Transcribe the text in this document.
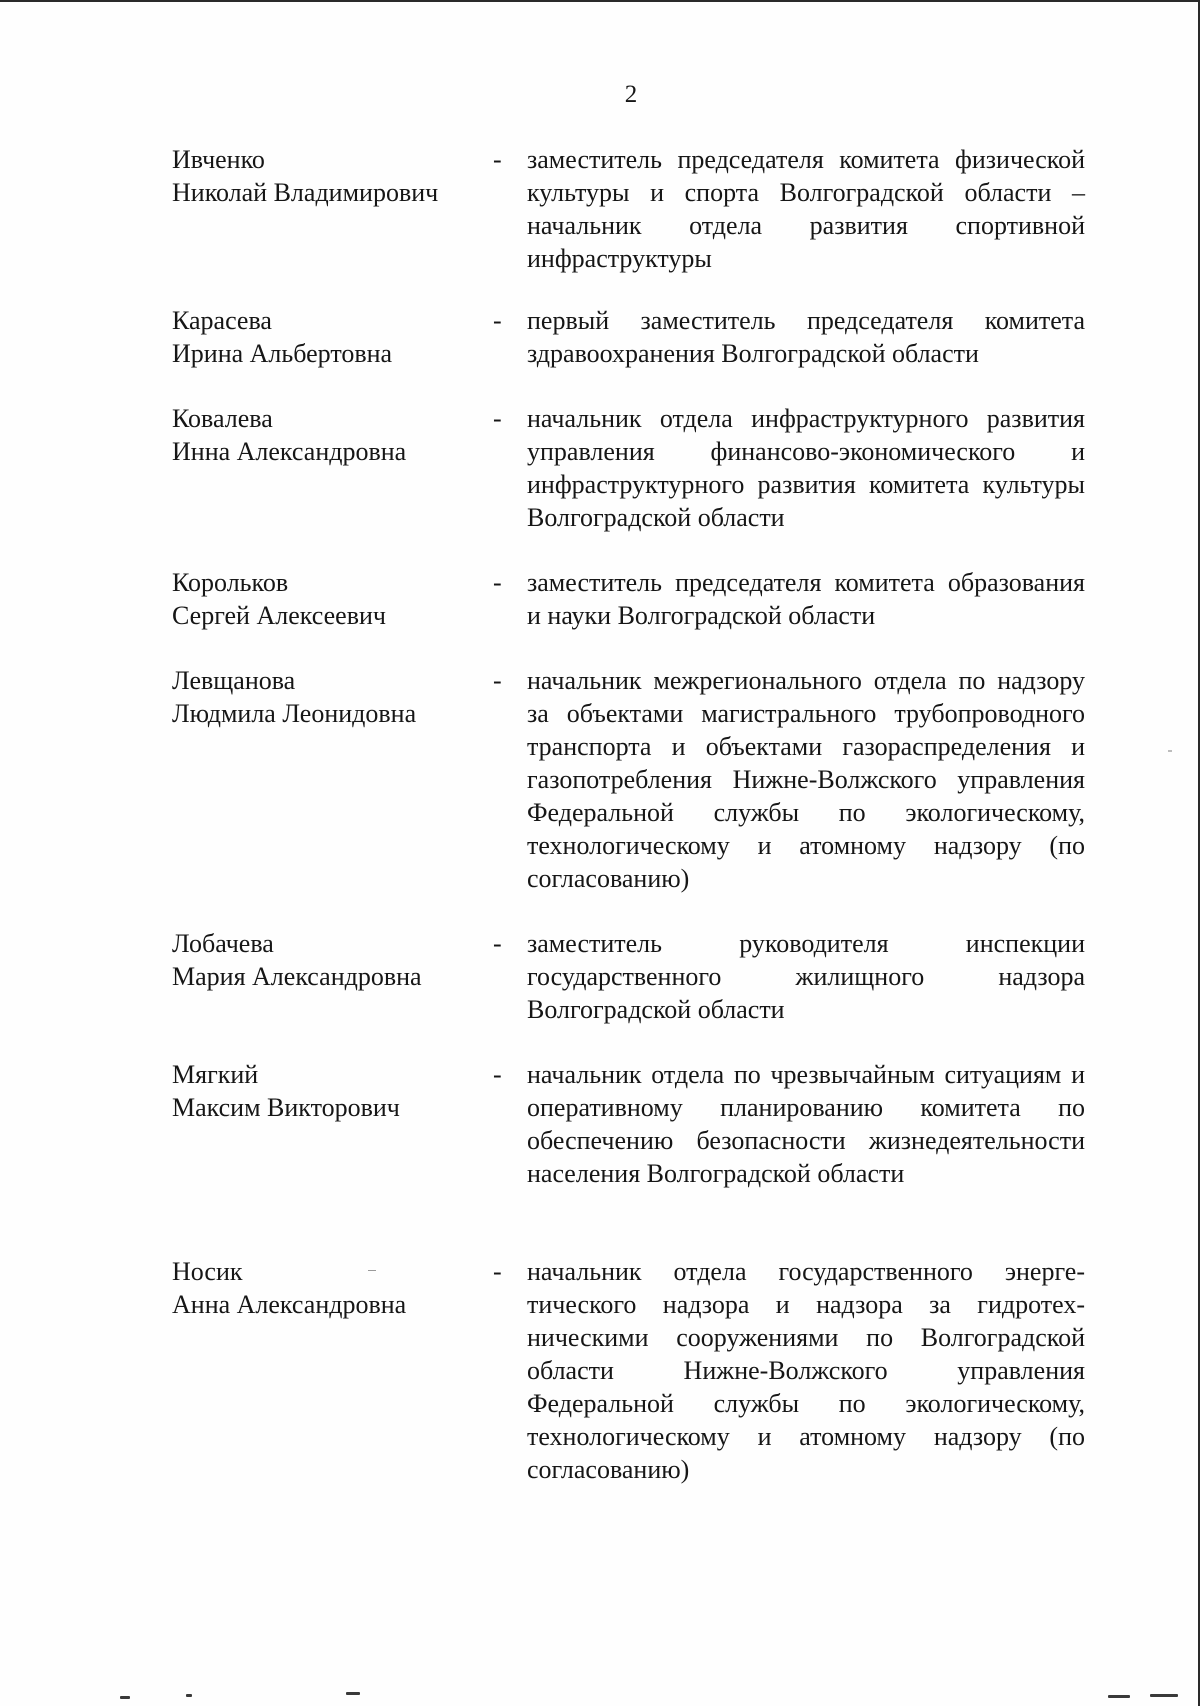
2
Ивченко
Николай Владимирович
- заместитель председателя комитета физической культуры и спорта Волгоградской области – начальник отдела развития спортивной инфраструктуры
Карасева
Ирина Альбертовна
- первый заместитель председателя комитета здравоохранения Волгоградской области
Ковалева
Инна Александровна
- начальник отдела инфраструктурного развития управления финансово-экономического и инфраструктурного развития комитета культуры Волгоградской области
Корольков
Сергей Алексеевич
- заместитель председателя комитета образования и науки Волгоградской области
Левщанова
Людмила Леонидовна
- начальник межрегионального отдела по надзору за объектами магистрального трубопроводного транспорта и объектами газораспределения и газопотребления Нижне-Волжского управления Федеральной службы по экологическому, технологическому и атомному надзору (по согласованию)
Лобачева
Мария Александровна
- заместитель руководителя инспекции государственного жилищного надзора Волгоградской области
Мягкий
Максим Викторович
- начальник отдела по чрезвычайным ситуациям и оперативному планированию комитета по обеспечению безопасности жизнедеятельности населения Волгоградской области
Носик
Анна Александровна
- начальник отдела государственного энергетического надзора и надзора за гидротехническими сооружениями по Волгоградской области Нижне-Волжского управления Федеральной службы по экологическому, технологическому и атомному надзору (по согласованию)
